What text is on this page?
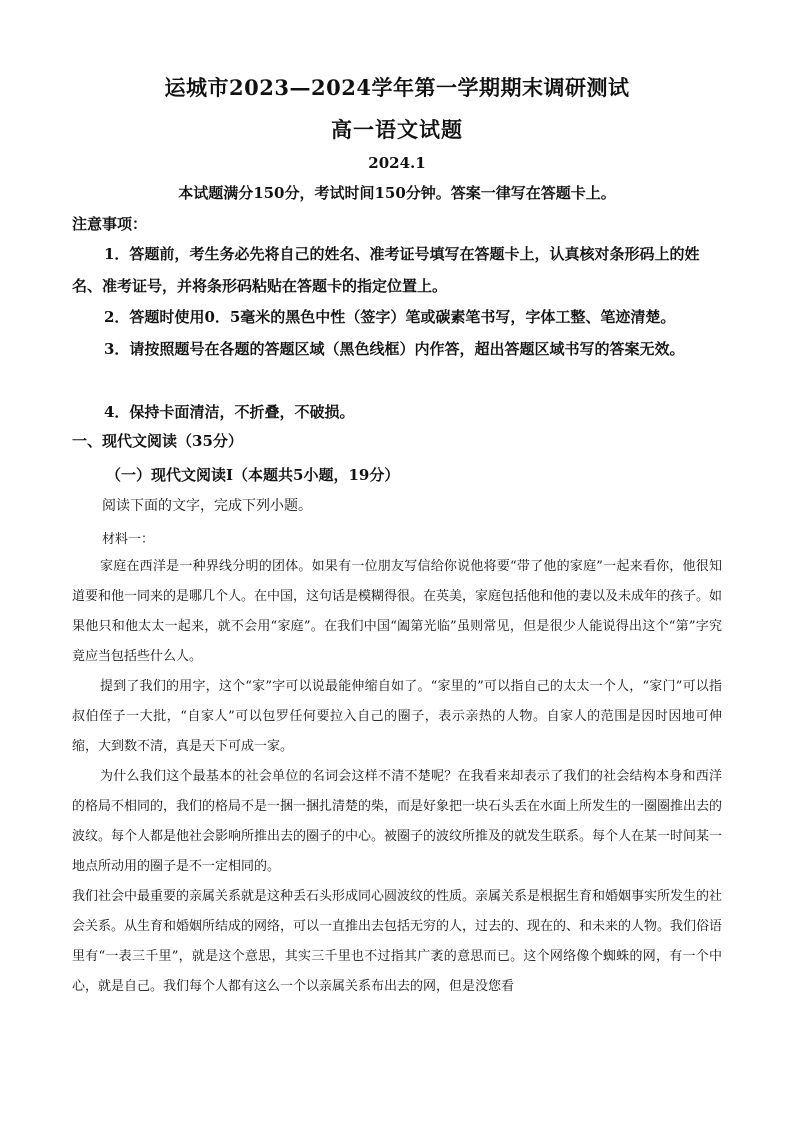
运城市2023—2024学年第一学期期末调研测试
高一语文试题
2024.1
本试题满分150分，考试时间150分钟。答案一律写在答题卡上。
注意事项：
1．答题前，考生务必先将自己的姓名、准考证号填写在答题卡上，认真核对条形码上的姓名、准考证号，并将条形码粘贴在答题卡的指定位置上。
2．答题时使用0．5毫米的黑色中性（签字）笔或碳素笔书写，字体工整、笔迹清楚。
3．请按照题号在各题的答题区域（黑色线框）内作答，超出答题区域书写的答案无效。
4．保持卡面清洁，不折叠，不破损。
一、现代文阅读（35分）
（一）现代文阅读Ⅰ（本题共5小题，19分）
阅读下面的文字，完成下列小题。
材料一：
家庭在西洋是一种界线分明的团体。如果有一位朋友写信给你说他将要“带了他的家庭”一起来看你，他很知道要和他一同来的是哪几个人。在中国，这句话是模糊得很。在英美，家庭包括他和他的妻以及未成年的孩子。如果他只和他太太一起来，就不会用“家庭”。在我们中国“阖第光临”虽则常见，但是很少人能说得出这个“第”字究竟应当包括些什么人。
提到了我们的用字，这个“家”字可以说最能伸缩自如了。“家里的”可以指自己的太太一个人，“家门”可以指叔伯侄子一大批，“自家人”可以包罗任何要拉入自己的圈子，表示亲热的人物。自家人的范围是因时因地可伸缩，大到数不清，真是天下可成一家。
为什么我们这个最基本的社会单位的名词会这样不清不楚呢？在我看来却表示了我们的社会结构本身和西洋的格局不相同的，我们的格局不是一捆一捆扎清楚的柴，而是好象把一块石头丢在水面上所发生的一圈圈推出去的波纹。每个人都是他社会影响所推出去的圈子的中心。被圈子的波纹所推及的就发生联系。每个人在某一时间某一地点所动用的圈子是不一定相同的。
我们社会中最重要的亲属关系就是这种丢石头形成同心圆波纹的性质。亲属关系是根据生育和婚姻事实所发生的社会关系。从生育和婚姻所结成的网络，可以一直推出去包括无穷的人，过去的、现在的、和未来的人物。我们俗语里有“一表三千里”，就是这个意思，其实三千里也不过指其广袤的意思而已。这个网络像个蜘蛛的网，有一个中心，就是自己。我们每个人都有这么一个以亲属关系布出去的网，但是没您看
